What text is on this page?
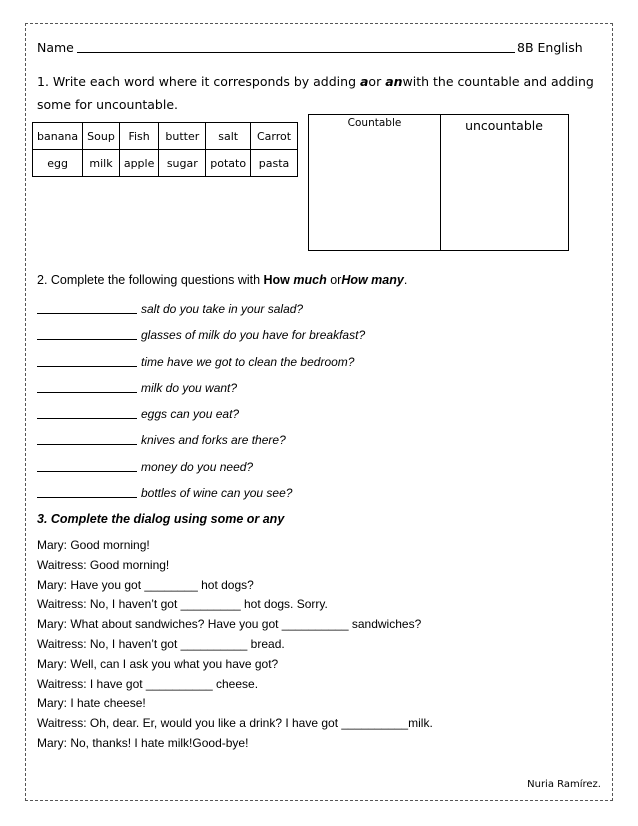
Name	8B English
1. Write each word where it corresponds by adding aor anwith the countable and adding some for uncountable.
banana	Soup	Fish	butter	salt	Carrot
egg	milk	apple	sugar	potato	pasta

Countable	uncountable
2. Complete the following questions with How much orHow many.
salt do you take in your salad?
glasses of milk do you have for breakfast?
time have we got to clean the bedroom?
milk do you want?
eggs can you eat?
knives and forks are there?
money do you need?
bottles of wine can you see?
3. Complete the dialog using some or any
Mary: Good morning!
Waitress: Good morning!
Mary: Have you got ________ hot dogs?
Waitress: No, I haven’t got _________ hot dogs. Sorry.
Mary: What about sandwiches? Have you got __________ sandwiches?
Waitress: No, I haven’t got __________ bread.
Mary: Well, can I ask you what you have got?
Waitress: I have got __________ cheese.
Mary: I hate cheese!
Waitress: Oh, dear. Er, would you like a drink? I have got __________milk.
Mary: No, thanks! I hate milk!Good-bye!
Nuria Ramírez.
